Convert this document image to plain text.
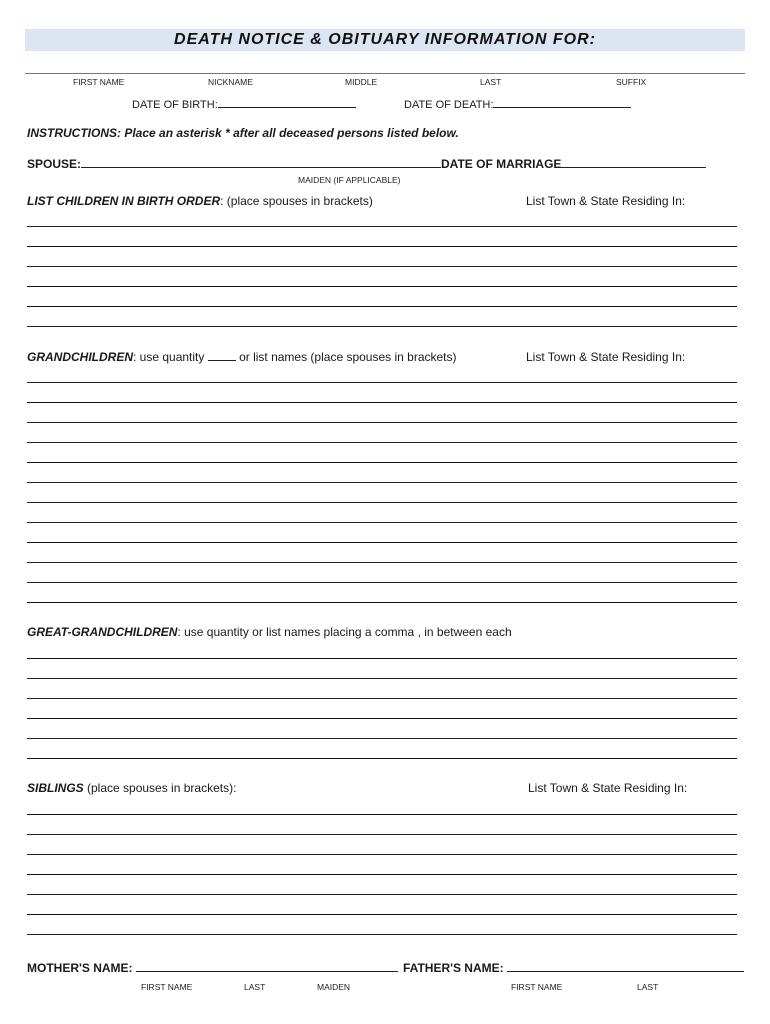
DEATH NOTICE & OBITUARY INFORMATION FOR:
FIRST NAME	NICKNAME	MIDDLE	LAST	SUFFIX
DATE OF BIRTH:	DATE OF DEATH:
INSTRUCTIONS: Place an asterisk * after all deceased persons listed below.
SPOUSE:	DATE OF MARRIAGE
MAIDEN (IF APPLICABLE)
LIST CHILDREN IN BIRTH ORDER: (place spouses in brackets)	List Town & State Residing In:
GRANDCHILDREN: use quantity	or list names (place spouses in brackets)	List Town & State Residing In:
GREAT-GRANDCHILDREN: use quantity or list names placing a comma , in between each
SIBLINGS (place spouses in brackets):	List Town & State Residing In:
MOTHER'S NAME:	FATHER'S NAME:
FIRST NAME	LAST	MAIDEN	FIRST NAME	LAST
